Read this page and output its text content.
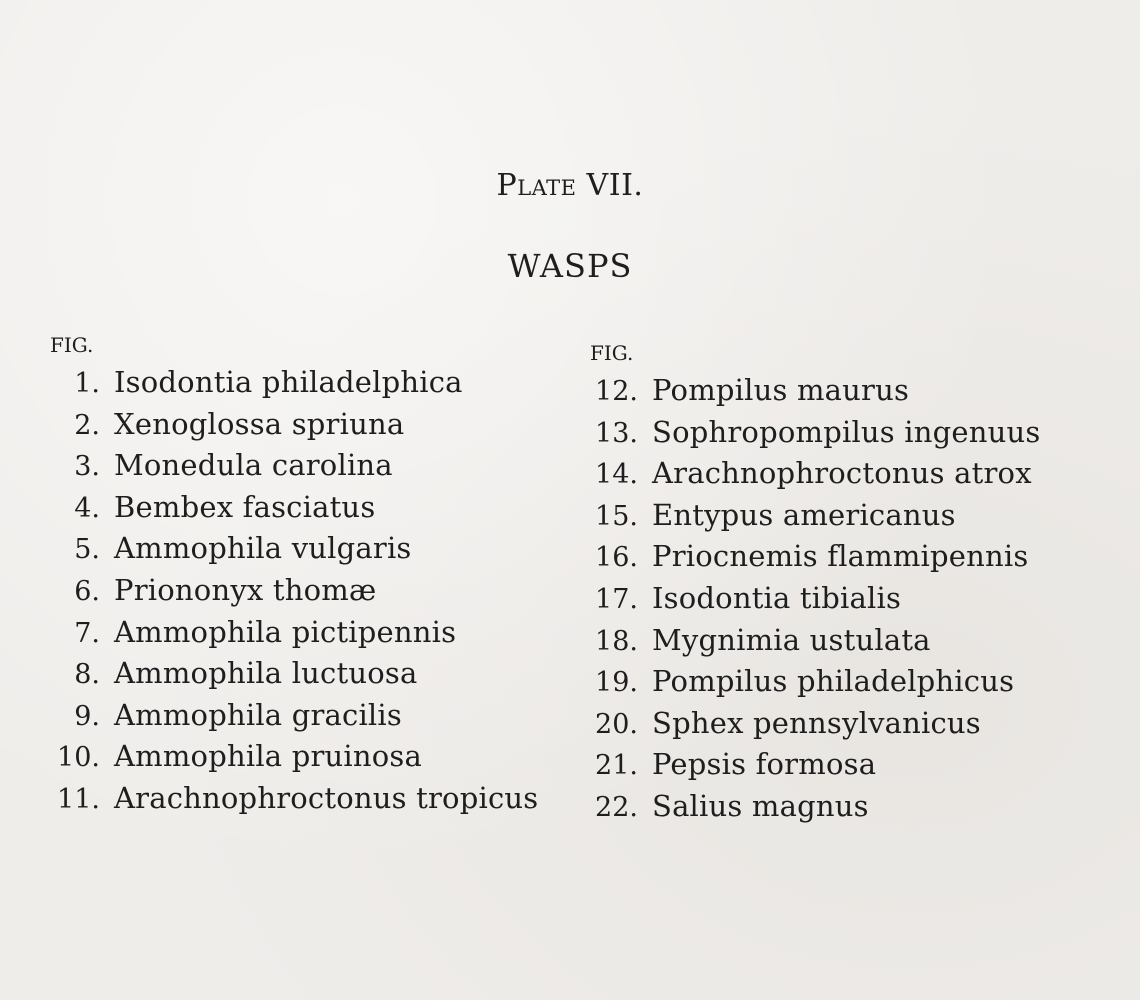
Plate VII.
WASPS
FIG.
1. Isodontia philadelphica
2. Xenoglossa spriuna
3. Monedula carolina
4. Bembex fasciatus
5. Ammophila vulgaris
6. Priononyx thomæ
7. Ammophila pictipennis
8. Ammophila luctuosa
9. Ammophila gracilis
10. Ammophila pruinosa
11. Arachnophroctonus tropicus
FIG.
12. Pompilus maurus
13. Sophropompilus ingenuus
14. Arachnophroctonus atrox
15. Entypus americanus
16. Priocnemis flammipennis
17. Isodontia tibialis
18. Mygnimia ustulata
19. Pompilus philadelphicus
20. Sphex pennsylvanicus
21. Pepsis formosa
22. Salius magnus
